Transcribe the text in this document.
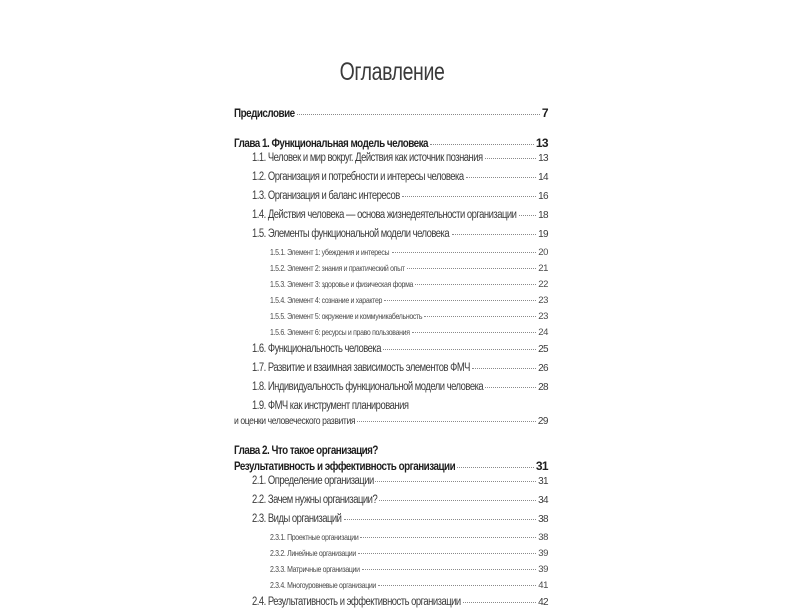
Оглавление
Предисловие	7
Глава 1. Функциональная модель человека	13
1.1. Человек и мир вокруг. Действия как источник познания	13
1.2. Организация и потребности и интересы человека	14
1.3. Организация и баланс интересов	16
1.4. Действия человека — основа жизнедеятельности организации 18
1.5. Элементы функциональной модели человека	19
1.5.1. Элемент 1: убеждения и интересы	20
1.5.2. Элемент 2: знания и практический опыт	21
1.5.3. Элемент 3: здоровье и физическая форма	22
1.5.4. Элемент 4: сознание и характер	23
1.5.5. Элемент 5: окружение и коммуникабельность	23
1.5.6. Элемент 6: ресурсы и право пользования	24
1.6. Функциональность человека	25
1.7. Развитие и взаимная зависимость элементов ФМЧ	26
1.8. Индивидуальность функциональной модели человека	28
1.9. ФМЧ как инструмент планирования
и оценки человеческого развития	29
Глава 2. Что такое организация?
Результативность и эффективность организации	31
2.1. Определение организации	31
2.2. Зачем нужны организации?	34
2.3. Виды организаций	38
2.3.1. Проектные организации	38
2.3.2. Линейные организации	39
2.3.3. Матричные организации	39
2.3.4. Многоуровневые организации	41
2.4. Результативность и эффективность организации	42
